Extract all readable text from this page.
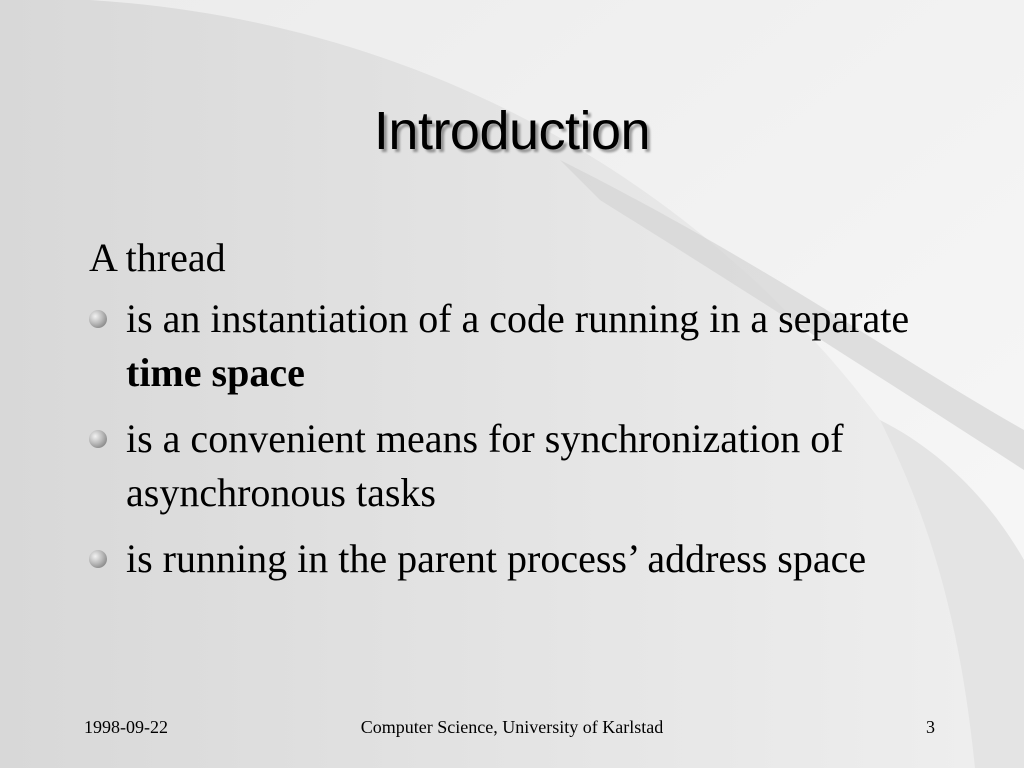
Introduction
A thread
is an instantiation of a code running in a separate time space
is a convenient means for synchronization of asynchronous tasks
is running in the parent process’ address space
1998-09-22	Computer Science, University of Karlstad	3
